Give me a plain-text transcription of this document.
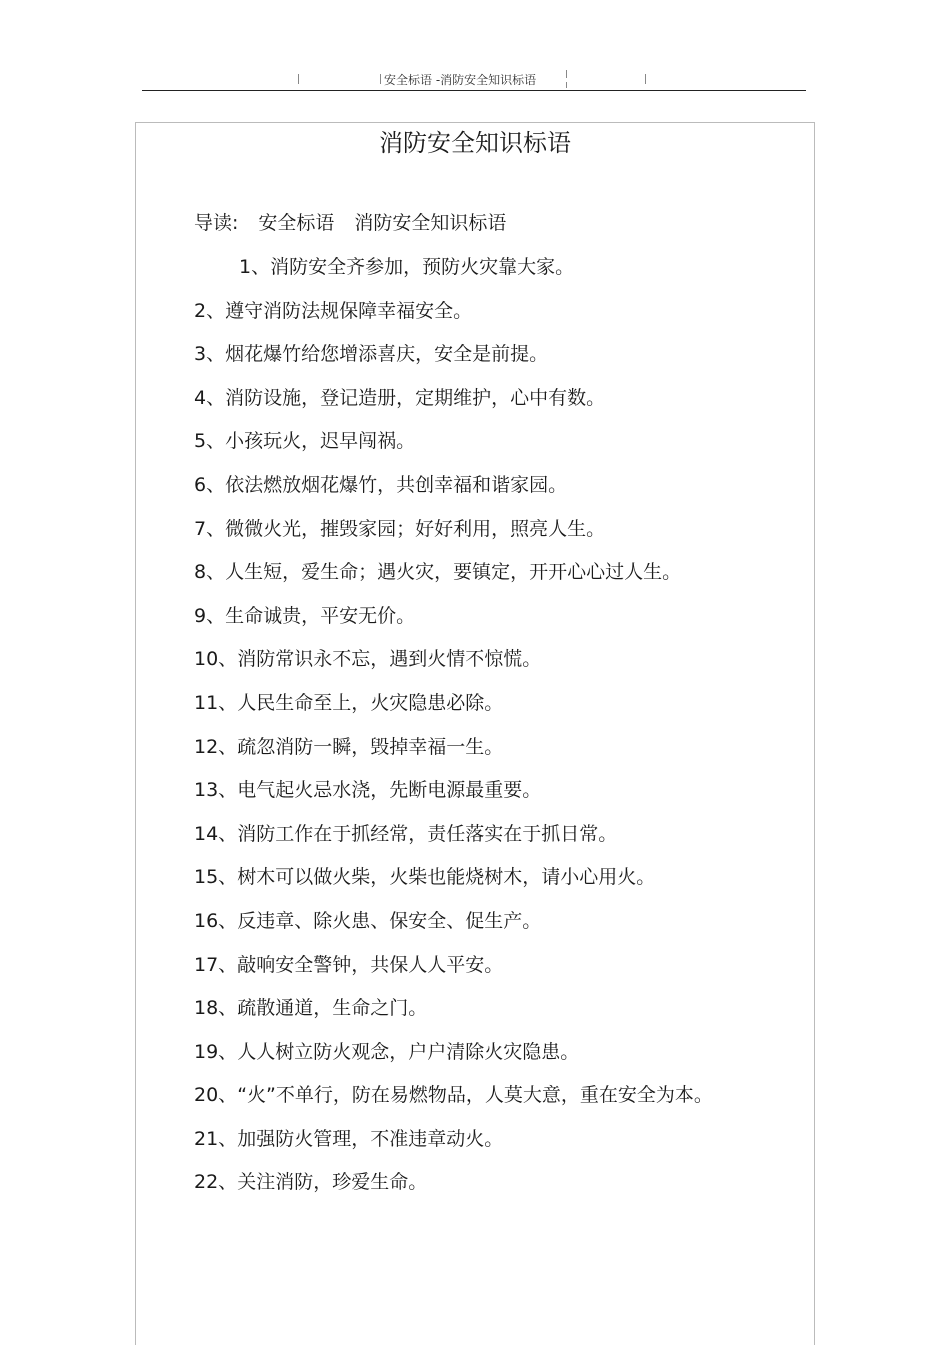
安全标语 -消防安全知识标语
消防安全知识标语
导读: 安全标语 消防安全知识标语
1、消防安全齐参加，预防火灾靠大家。
2、遵守消防法规保障幸福安全。
3、烟花爆竹给您增添喜庆，安全是前提。
4、消防设施，登记造册，定期维护，心中有数。
5、小孩玩火，迟早闯祸。
6、依法燃放烟花爆竹，共创幸福和谐家园。
7、微微火光，摧毁家园；好好利用，照亮人生。
8、人生短，爱生命；遇火灾，要镇定，开开心心过人生。
9、生命诚贵，平安无价。
10、消防常识永不忘，遇到火情不惊慌。
11、人民生命至上，火灾隐患必除。
12、疏忽消防一瞬，毁掉幸福一生。
13、电气起火忌水浇，先断电源最重要。
14、消防工作在于抓经常，责任落实在于抓日常。
15、树木可以做火柴，火柴也能烧树木，请小心用火。
16、反违章、除火患、保安全、促生产。
17、敲响安全警钟，共保人人平安。
18、疏散通道，生命之门。
19、人人树立防火观念，户户清除火灾隐患。
20、“火”不单行，防在易燃物品，人莫大意，重在安全为本。
21、加强防火管理，不准违章动火。
22、关注消防，珍爱生命。
